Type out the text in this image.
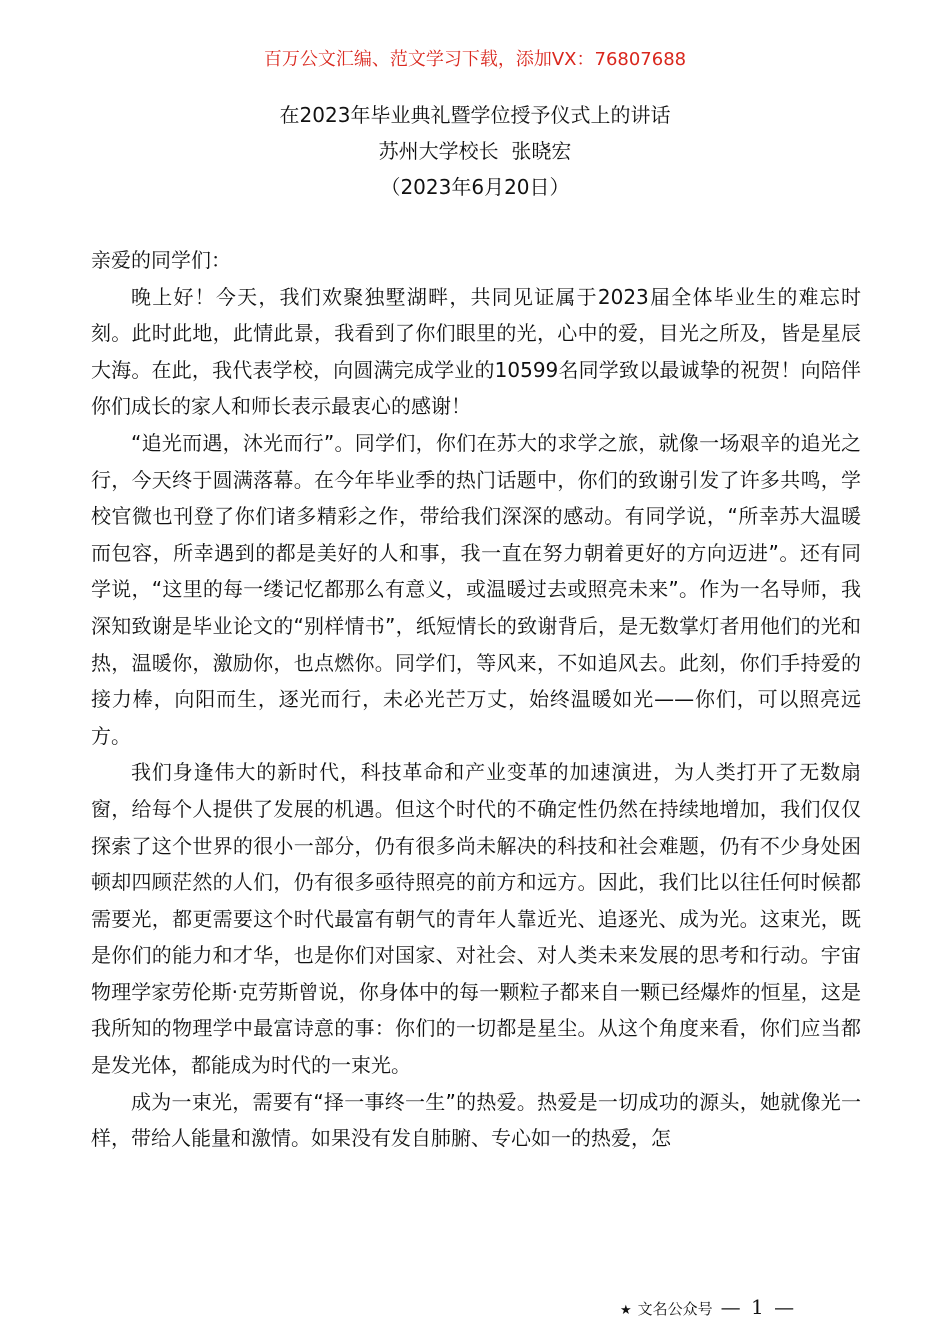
百万公文汇编、范文学习下载，添加VX：76807688
在2023年毕业典礼暨学位授予仪式上的讲话
苏州大学校长  张晓宏
（2023年6月20日）

亲爱的同学们：

晚上好！今天，我们欢聚独墅湖畔，共同见证属于2023届全体毕业生的难忘时刻。此时此地，此情此景，我看到了你们眼里的光，心中的爱，目光之所及，皆是星辰大海。在此，我代表学校，向圆满完成学业的10599名同学致以最诚挚的祝贺！向陪伴你们成长的家人和师长表示最衷心的感谢！

“追光而遇，沐光而行”。同学们，你们在苏大的求学之旅，就像一场艰辛的追光之行，今天终于圆满落幕。在今年毕业季的热门话题中，你们的致谢引发了许多共鸣，学校官微也刊登了你们诸多精彩之作，带给我们深深的感动。有同学说，“所幸苏大温暖而包容，所幸遇到的都是美好的人和事，我一直在努力朝着更好的方向迈进”。还有同学说，“这里的每一缕记忆都那么有意义，或温暖过去或照亮未来”。作为一名导师，我深知致谢是毕业论文的“别样情书”，纸短情长的致谢背后，是无数掌灯者用他们的光和热，温暖你，激励你，也点燃你。同学们，等风来，不如追风去。此刻，你们手持爱的接力棒，向阳而生，逐光而行，未必光芒万丈，始终温暖如光——你们，可以照亮远方。

我们身逢伟大的新时代，科技革命和产业变革的加速演进，为人类打开了无数扇窗，给每个人提供了发展的机遇。但这个时代的不确定性仍然在持续地增加，我们仅仅探索了这个世界的很小一部分，仍有很多尚未解决的科技和社会难题，仍有不少身处困顿却四顾茫然的人们，仍有很多亟待照亮的前方和远方。因此，我们比以往任何时候都需要光，都更需要这个时代最富有朝气的青年人靠近光、追逐光、成为光。这束光，既是你们的能力和才华，也是你们对国家、对社会、对人类未来发展的思考和行动。宇宙物理学家劳伦斯·克劳斯曾说，你身体中的每一颗粒子都来自一颗已经爆炸的恒星，这是我所知的物理学中最富诗意的事：你们的一切都是星尘。从这个角度来看，你们应当都是发光体，都能成为时代的一束光。

成为一束光，需要有“择一事终一生”的热爱。热爱是一切成功的源头，她就像光一样，带给人能量和激情。如果没有发自肺腑、专心如一的热爱，怎

★ 文名公众号 — 1 —
